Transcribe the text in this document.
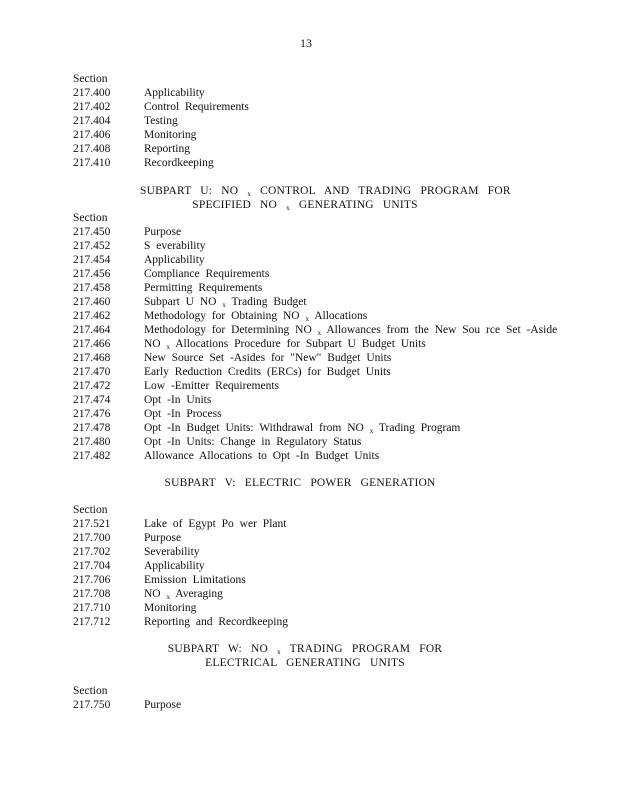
13
Section
217.400	Applicability
217.402	Control Requirements
217.404	Testing
217.406	Monitoring
217.408	Reporting
217.410	Recordkeeping
SUBPART U: NO $_x$ CONTROL AND TRADING PROGRAM FOR
SPECIFIED NO $_x$ GENERATING UNITS
Section
217.450	Purpose
217.452	S everability
217.454	Applicability
217.456	Compliance Requirements
217.458	Permitting Requirements
217.460	Subpart U NO $_x$ Trading Budget
217.462	Methodology for Obtaining NO $_x$ Allocations
217.464	Methodology for Determining NO $_x$ Allowances from the New Sou rce Set -Aside
217.466	NO $_x$ Allocations Procedure for Subpart U Budget Units
217.468	New Source Set -Asides for "New" Budget Units
217.470	Early Reduction Credits (ERCs) for Budget Units
217.472	Low -Emitter Requirements
217.474	Opt -In Units
217.476	Opt -In Process
217.478	Opt -In Budget Units: Withdrawal from NO $_x$ Trading Program
217.480	Opt -In Units: Change in Regulatory Status
217.482	Allowance Allocations to Opt -In Budget Units
SUBPART V: ELECTRIC POWER GENERATION
Section
217.521	Lake of Egypt Po wer Plant
217.700	Purpose
217.702	Severability
217.704	Applicability
217.706	Emission Limitations
217.708	NO $_x$ Averaging
217.710	Monitoring
217.712	Reporting and Recordkeeping
SUBPART W: NO $_x$ TRADING PROGRAM FOR
ELECTRICAL GENERATING UNITS
Section
217.750	Purpose
